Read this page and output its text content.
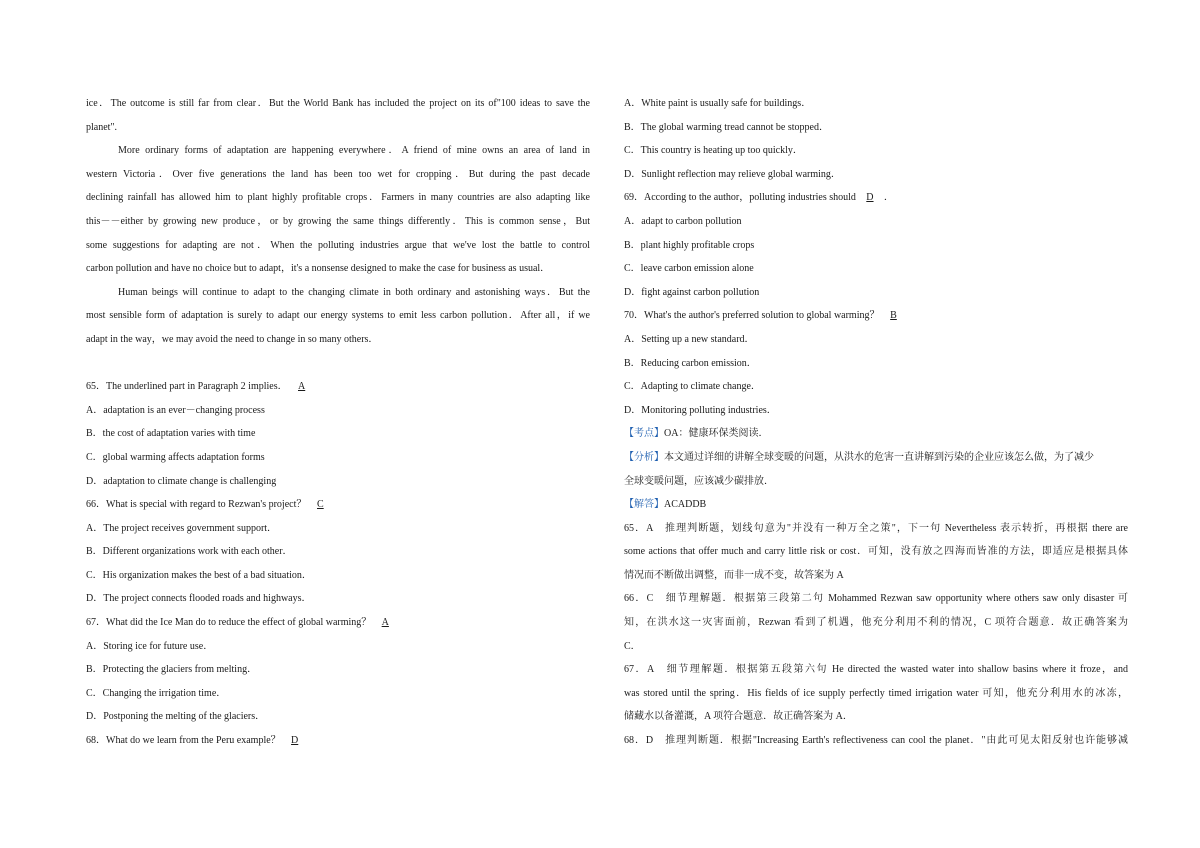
ice．The outcome is still far from clear．But the World Bank has included the project on its of"100 ideas to save the
planet".
More ordinary forms of adaptation are happening everywhere．A friend of mine owns an area of land in
western Victoria．Over five generations the land has been too wet for cropping．But during the past decade
declining rainfall has allowed him to plant highly profitable crops．Farmers in many countries are also adapting like
this－－either by growing new produce，or by growing the same things differently．This is common sense，But
some suggestions for adapting are not．When the polluting industries argue that we've lost the battle to control
carbon pollution and have no choice but to adapt，it's a nonsense designed to make the case for business as usual．
Human beings will continue to adapt to the changing climate in both ordinary and astonishing ways．But the
most sensible form of adaptation is surely to adapt our energy systems to emit less carbon pollution．After all，if we
adapt in the way，we may avoid the need to change in so many others．
65．The underlined part in Paragraph 2 implies． A
A．adaptation is an ever－changing process
B．the cost of adaptation varies with time
C．global warming affects adaptation forms
D．adaptation to climate change is challenging
66．What is special with regard to Rezwan's project？ C
A．The project receives government support．
B．Different organizations work with each other．
C．His organization makes the best of a bad situation．
D．The project connects flooded roads and highways．
67．What did the Ice Man do to reduce the effect of global warming？ A
A．Storing ice for future use．
B．Protecting the glaciers from melting．
C．Changing the irrigation time．
D．Postponing the melting of the glaciers．
68．What do we learn from the Peru example？ D
A．White paint is usually safe for buildings．
B．The global warming tread cannot be stopped．
C．This country is heating up too quickly．
D．Sunlight reflection may relieve global warming．
69．According to the author，polluting industries should D ．
A．adapt to carbon pollution
B．plant highly profitable crops
C．leave carbon emission alone
D．fight against carbon pollution
70．What's the author's preferred solution to global warming？ B
A．Setting up a new standard．
B．Reducing carbon emission．
C．Adapting to climate change．
D．Monitoring polluting industries．
【考点】OA：健康环保类阅读．
【分析】本文通过详细的讲解全球变暖的问题，从洪水的危害一直讲解到污染的企业应该怎么做，为了减少
全球变暖问题，应该减少碳排放．
【解答】ACADDB
65．A　推理判断题，划线句意为"并没有一种万全之策"，下一句 Nevertheless 表示转折，再根据 there are
some actions that offer much and carry little risk or cost．可知，没有放之四海而皆准的方法，即适应是根据具体
情况而不断做出调整，而非一成不变，故答案为 A
66．C　细节理解题．根据第三段第二句 Mohammed Rezwan saw opportunity where others saw only disaster 可
知，在洪水这一灾害面前，Rezwan 看到了机遇，他充分利用不利的情况，C 项符合题意．故正确答案为
C．
67．A　细节理解题．根据第五段第六句 He directed the wasted water into shallow basins where it froze，and
was stored until the spring．His fields of ice supply perfectly timed irrigation water 可知，他充分利用水的冰冻，
储藏水以备灌溉，A 项符合题意．故正确答案为 A．
68．D　推理判断题．根据"Increasing Earth's reflectiveness can cool the planet．"由此可见太阳反射也许能够减
